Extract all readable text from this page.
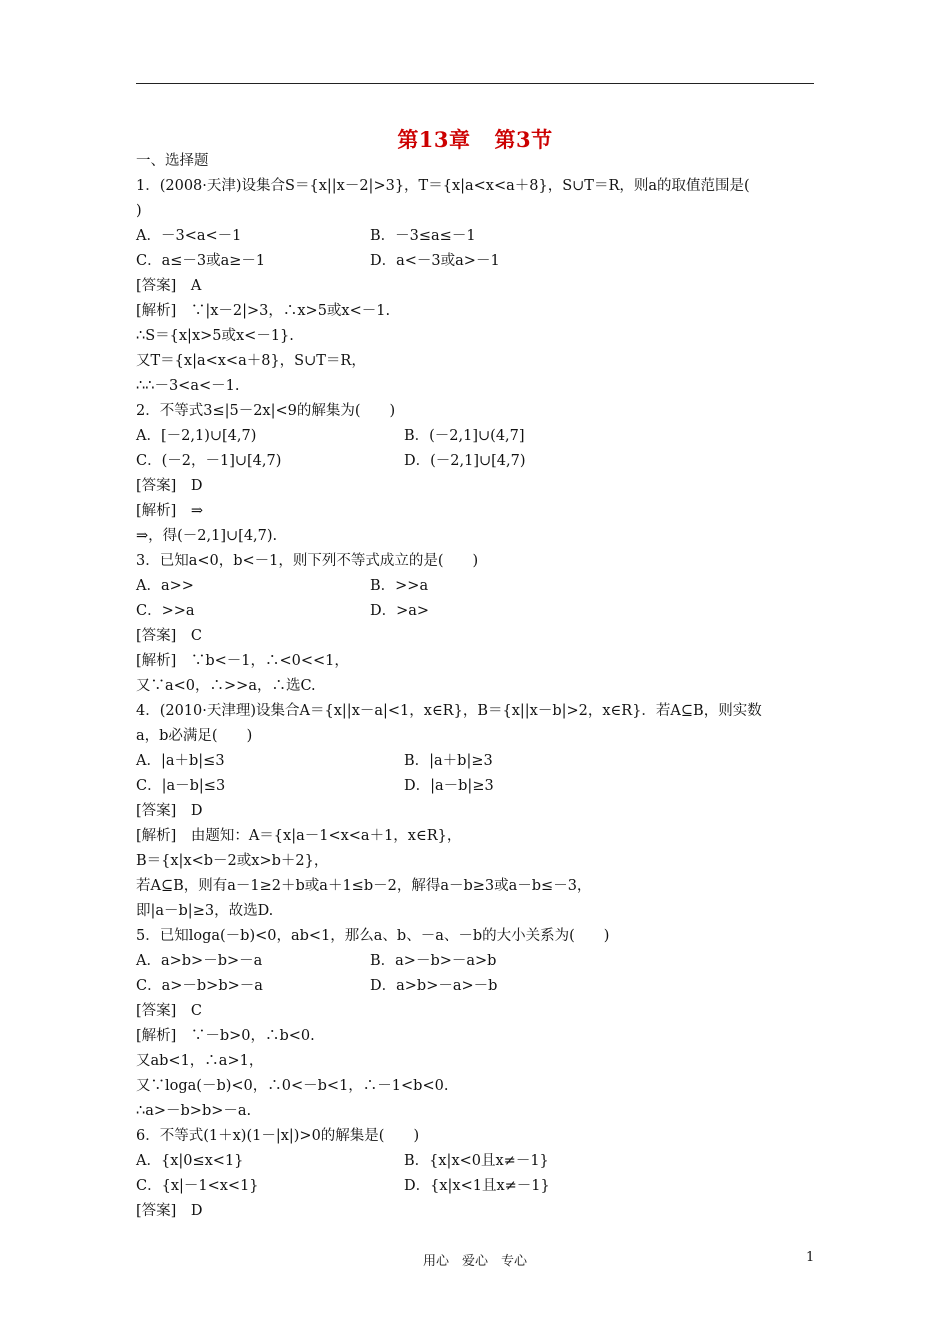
第13章 第3节
一、选择题
1．(2008·天津)设集合S＝{x||x－2|>3}，T＝{x|a<x<a＋8}，S∪T＝R，则a的取值范围是(
)
A．－3<a<－1	B．－3≤a≤－1
C．a≤－3或a≥－1	D．a<－3或a>－1
[答案]　A
[解析]　∵|x－2|>3，∴x>5或x<－1.
∴S＝{x|x>5或x<－1}.
又T＝{x|a<x<a＋8}，S∪T＝R，
∴∴－3<a<－1.
2．不等式3≤|5－2x|<9的解集为(　　)
A．[－2,1)∪[4,7)	B．(－2,1]∪(4,7]
C．(－2，－1]∪[4,7)	D．(－2,1]∪[4,7)
[答案]　D
[解析]　⇒
⇒，得(－2,1]∪[4,7).
3．已知a<0，b<－1，则下列不等式成立的是(　　)
A．a>>	B．>>a
C．>>a	D．>a>
[答案]　C
[解析]　∵b<－1，∴<0<<1，
又∵a<0，∴>>a，∴选C.
4．(2010·天津理)设集合A＝{x||x－a|<1，x∈R}，B＝{x||x－b|>2，x∈R}．若A⊆B，则实数
a，b必满足(　　)
A．|a＋b|≤3	B．|a＋b|≥3
C．|a－b|≤3	D．|a－b|≥3
[答案]　D
[解析]　由题知：A＝{x|a－1<x<a＋1，x∈R}，
B＝{x|x<b－2或x>b＋2}，
若A⊆B，则有a－1≥2＋b或a＋1≤b－2，解得a－b≥3或a－b≤－3，
即|a－b|≥3，故选D.
5．已知loga(－b)<0，ab<1，那么a、b、－a、－b的大小关系为(　　)
A．a>b>－b>－a	B．a>－b>－a>b
C．a>－b>b>－a	D．a>b>－a>－b
[答案]　C
[解析]　∵－b>0，∴b<0.
又ab<1，∴a>1，
又∵loga(－b)<0，∴0<－b<1，∴－1<b<0.
∴a>－b>b>－a.
6．不等式(1＋x)(1－|x|)>0的解集是(　　)
A．{x|0≤x<1}	B．{x|x<0且x≠－1}
C．{x|－1<x<1}	D．{x|x<1且x≠－1}
[答案]　D
用心　爱心　专心	1
